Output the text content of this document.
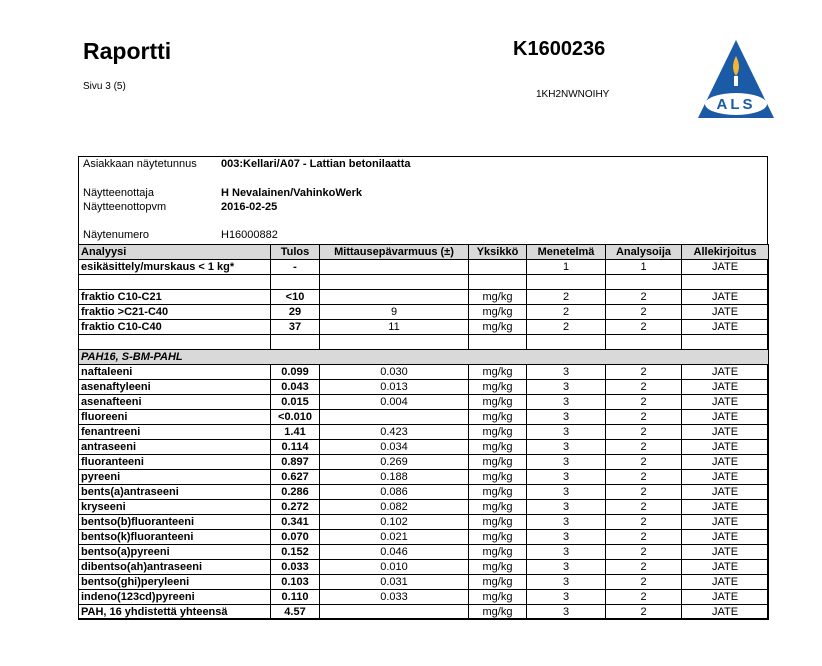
Raportti
Sivu 3 (5)
K1600236
1KH2NWNOIHY
ALS
Asiakkaan näytetunnus	003:Kellari/A07 - Lattian betonilaatta
Näytteenottaja	H Nevalainen/VahinkoWerk
Näytteenottopvm	2016-02-25
Näytenumero	H16000882
Analyysi	Tulos	Mittausepävarmuus (±)	Yksikkö	Menetelmä	Analysoija	Allekirjoitus
esikäsittely/murskaus < 1 kg*	-			1	1	JATE

fraktio C10-C21	<10		mg/kg	2	2	JATE
fraktio >C21-C40	29	9	mg/kg	2	2	JATE
fraktio C10-C40	37	11	mg/kg	2	2	JATE

PAH16, S-BM-PAHL						
naftaleeni	0.099	0.030	mg/kg	3	2	JATE
asenaftyleeni	0.043	0.013	mg/kg	3	2	JATE
asenafteeni	0.015	0.004	mg/kg	3	2	JATE
fluoreeni	<0.010		mg/kg	3	2	JATE
fenantreeni	1.41	0.423	mg/kg	3	2	JATE
antraseeni	0.114	0.034	mg/kg	3	2	JATE
fluoranteeni	0.897	0.269	mg/kg	3	2	JATE
pyreeni	0.627	0.188	mg/kg	3	2	JATE
bents(a)antraseeni	0.286	0.086	mg/kg	3	2	JATE
kryseeni	0.272	0.082	mg/kg	3	2	JATE
bentso(b)fluoranteeni	0.341	0.102	mg/kg	3	2	JATE
bentso(k)fluoranteeni	0.070	0.021	mg/kg	3	2	JATE
bentso(a)pyreeni	0.152	0.046	mg/kg	3	2	JATE
dibentso(ah)antraseeni	0.033	0.010	mg/kg	3	2	JATE
bentso(ghi)peryleeni	0.103	0.031	mg/kg	3	2	JATE
indeno(123cd)pyreeni	0.110	0.033	mg/kg	3	2	JATE
PAH, 16 yhdistettä yhteensä	4.57		mg/kg	3	2	JATE
